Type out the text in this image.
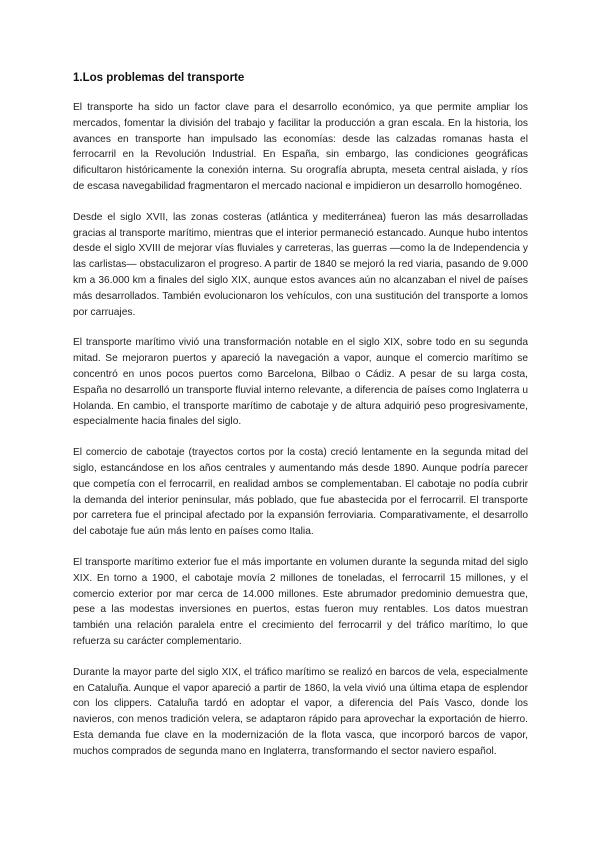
1.Los problemas del transporte

El transporte ha sido un factor clave para el desarrollo económico, ya que permite ampliar los mercados, fomentar la división del trabajo y facilitar la producción a gran escala. En la historia, los avances en transporte han impulsado las economías: desde las calzadas romanas hasta el ferrocarril en la Revolución Industrial. En España, sin embargo, las condiciones geográficas dificultaron históricamente la conexión interna. Su orografía abrupta, meseta central aislada, y ríos de escasa navegabilidad fragmentaron el mercado nacional e impidieron un desarrollo homogéneo.

Desde el siglo XVII, las zonas costeras (atlántica y mediterránea) fueron las más desarrolladas gracias al transporte marítimo, mientras que el interior permaneció estancado. Aunque hubo intentos desde el siglo XVIII de mejorar vías fluviales y carreteras, las guerras —como la de Independencia y las carlistas— obstaculizaron el progreso. A partir de 1840 se mejoró la red viaria, pasando de 9.000 km a 36.000 km a finales del siglo XIX, aunque estos avances aún no alcanzaban el nivel de países más desarrollados. También evolucionaron los vehículos, con una sustitución del transporte a lomos por carruajes.

El transporte marítimo vivió una transformación notable en el siglo XIX, sobre todo en su segunda mitad. Se mejoraron puertos y apareció la navegación a vapor, aunque el comercio marítimo se concentró en unos pocos puertos como Barcelona, Bilbao o Cádiz. A pesar de su larga costa, España no desarrolló un transporte fluvial interno relevante, a diferencia de países como Inglaterra u Holanda. En cambio, el transporte marítimo de cabotaje y de altura adquirió peso progresivamente, especialmente hacia finales del siglo.

El comercio de cabotaje (trayectos cortos por la costa) creció lentamente en la segunda mitad del siglo, estancándose en los años centrales y aumentando más desde 1890. Aunque podría parecer que competía con el ferrocarril, en realidad ambos se complementaban. El cabotaje no podía cubrir la demanda del interior peninsular, más poblado, que fue abastecida por el ferrocarril. El transporte por carretera fue el principal afectado por la expansión ferroviaria. Comparativamente, el desarrollo del cabotaje fue aún más lento en países como Italia.

El transporte marítimo exterior fue el más importante en volumen durante la segunda mitad del siglo XIX. En torno a 1900, el cabotaje movía 2 millones de toneladas, el ferrocarril 15 millones, y el comercio exterior por mar cerca de 14.000 millones. Este abrumador predominio demuestra que, pese a las modestas inversiones en puertos, estas fueron muy rentables. Los datos muestran también una relación paralela entre el crecimiento del ferrocarril y del tráfico marítimo, lo que refuerza su carácter complementario.

Durante la mayor parte del siglo XIX, el tráfico marítimo se realizó en barcos de vela, especialmente en Cataluña. Aunque el vapor apareció a partir de 1860, la vela vivió una última etapa de esplendor con los clippers. Cataluña tardó en adoptar el vapor, a diferencia del País Vasco, donde los navieros, con menos tradición velera, se adaptaron rápido para aprovechar la exportación de hierro. Esta demanda fue clave en la modernización de la flota vasca, que incorporó barcos de vapor, muchos comprados de segunda mano en Inglaterra, transformando el sector naviero español.
